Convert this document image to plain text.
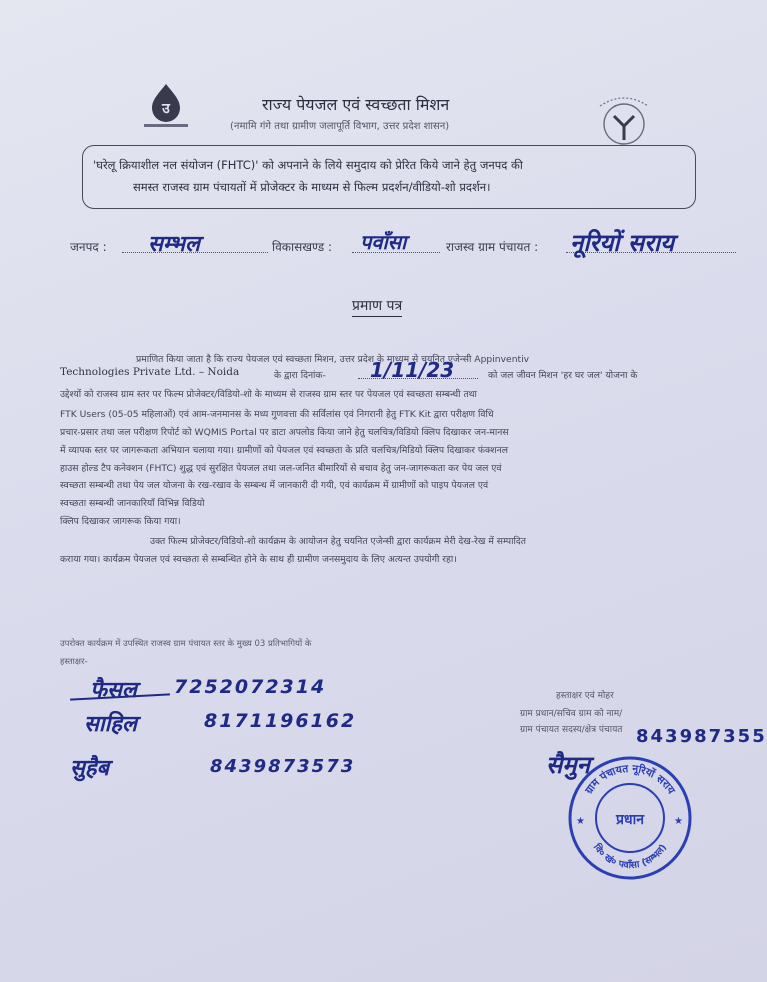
उ	राज्य पेयजल एवं स्वच्छता मिशन
(नमामि गंगे तथा ग्रामीण जलापूर्ति विभाग, उत्तर प्रदेश शासन)
'घरेलू क्रियाशील नल संयोजन (FHTC)' को अपनाने के लिये समुदाय को प्रेरित किये जाने हेतु जनपद की
समस्त राजस्व ग्राम पंचायतों में प्रोजेक्टर के माध्यम से फिल्म प्रदर्शन/वीडियो-शो प्रदर्शन।
जनपद : सम्भल	विकासखण्ड : पवाँसा	राजस्व ग्राम पंचायत : नूरियों सराय
प्रमाण पत्र
प्रमाणित किया जाता है कि राज्य पेयजल एवं स्वच्छता मिशन, उत्तर प्रदेश के माध्यम से चयनित एजेन्सी Appinventiv
Technologies Private Ltd. – Noida	के द्वारा दिनांक- 1/11/23	को जल जीवन मिशन 'हर घर जल' योजना के
उद्देश्यों को राजस्व ग्राम स्तर पर फिल्म प्रोजेक्टर/विडियो-शो के माध्यम से राजस्व ग्राम स्तर पर पेयजल एवं स्वच्छता सम्बन्धी तथा
FTK Users (05-05 महिलाओं) एवं आम-जनमानस के मध्य गुणवत्ता की सर्विलांस एवं निगरानी हेतु FTK Kit द्वारा परीक्षण विधि
प्रचार-प्रसार तथा जल परीक्षण रिपोर्ट को WQMIS Portal पर डाटा अपलोड किया जाने हेतु चलचित्र/विडियो क्लिप दिखाकर जन-मानस
में व्यापक स्तर पर जागरूकता अभियान चलाया गया। ग्रामीणों को पेयजल एवं स्वच्छता के प्रति चलचित्र/मिडियो क्लिप दिखाकर फंक्शनल
हाउस होल्ड टैप कनेक्शन (FHTC) शुद्ध एवं सुरक्षित पेयजल तथा जल-जनित बीमारियों से बचाव हेतु जन-जागरूकता कर पेय जल एवं
स्वच्छता सम्बन्धी तथा पेय जल योजना के रख-रखाव के सम्बन्ध में जानकारी दी गयी, एवं कार्यक्रम में ग्रामीणों को पाइप पेयजल एवं
स्वच्छता सम्बन्धी जानकारियाँ विभिन्न विडियो
क्लिप दिखाकर जागरूक किया गया।
उक्त फिल्म प्रोजेक्टर/विडियो-शो कार्यक्रम के आयोजन हेतु चयनित एजेन्सी द्वारा कार्यक्रम मेरी देख-रेख में सम्पादित
कराया गया। कार्यक्रम पेयजल एवं स्वच्छता से सम्बन्धित होने के साथ ही ग्रामीण जनसमुदाय के लिए अत्यन्त उपयोगी रहा।
उपरोक्त कार्यक्रम में उपस्थित राजस्व ग्राम पंचायत स्तर के मुख्य 03 प्रतिभागियों के
हस्ताक्षर-
फैसल 7252072314
साहिल	8171196162
सुहैब	8439873573
हस्ताक्षर एवं मोहर
ग्राम प्रधान/सचिव ग्राम को नाम/
ग्राम पंचायत सदस्य/क्षेत्र पंचायत 843987355
सैमुन
ग्राम पंचायत नूरियों सराय
वि० खं० पवाँसा (सम्भल)
प्रधान
★	★
